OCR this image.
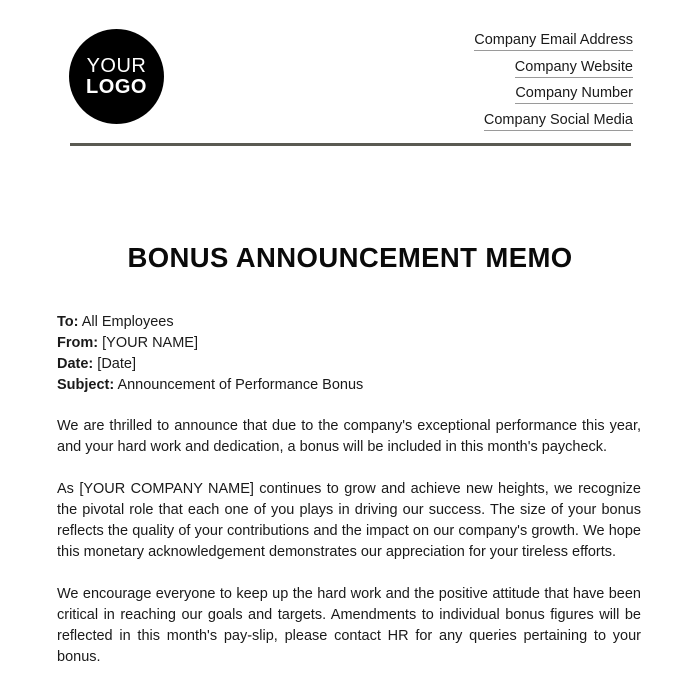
YOUR
LOGO
Company Email Address
Company Website
Company Number
Company Social Media
BONUS ANNOUNCEMENT MEMO
To: All Employees
From: [YOUR NAME]
Date: [Date]
Subject: Announcement of Performance Bonus

We are thrilled to announce that due to the company's exceptional performance this year, and your hard work and dedication, a bonus will be included in this month's paycheck.

As [YOUR COMPANY NAME] continues to grow and achieve new heights, we recognize the pivotal role that each one of you plays in driving our success. The size of your bonus reflects the quality of your contributions and the impact on our company's growth. We hope this monetary acknowledgement demonstrates our appreciation for your tireless efforts.

We encourage everyone to keep up the hard work and the positive attitude that have been critical in reaching our goals and targets. Amendments to individual bonus figures will be reflected in this month's pay-slip, please contact HR for any queries pertaining to your bonus.
